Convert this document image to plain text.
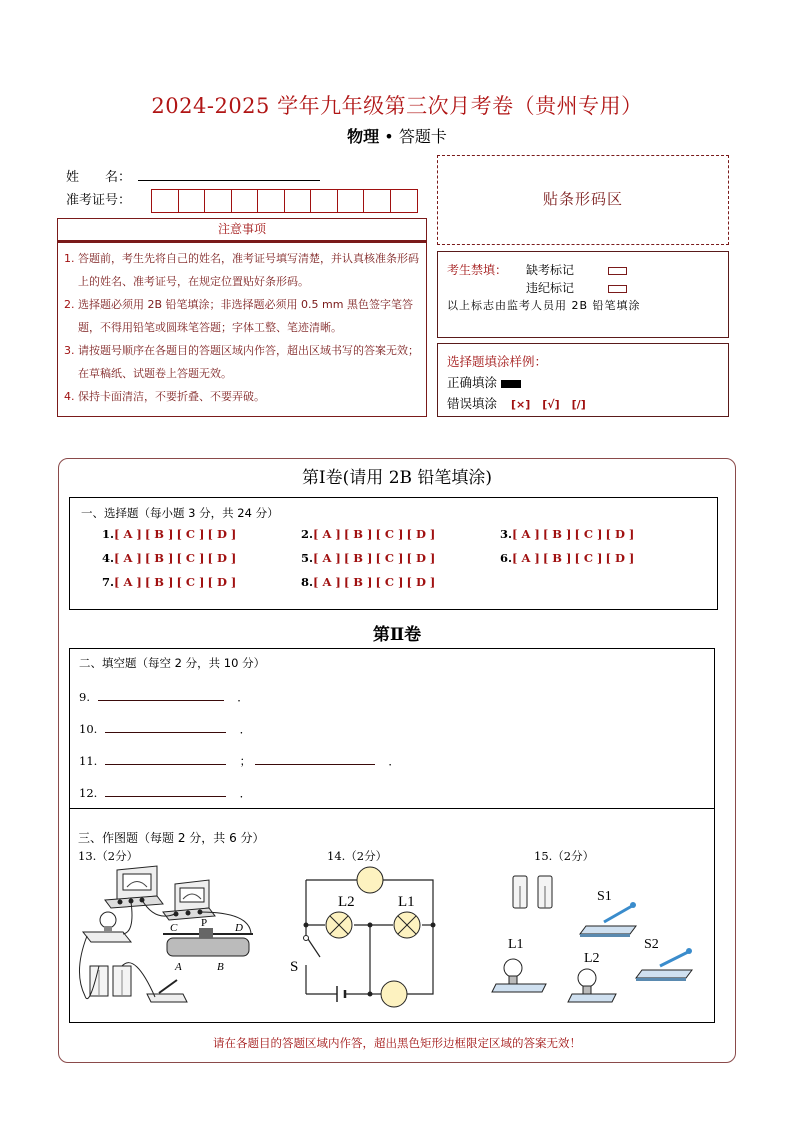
2024-2025 学年九年级第三次月考卷（贵州专用）
物理 • 答题卡
姓　　名：
准考证号：
注意事项
1. 答题前，考生先将自己的姓名，准考证号填写清楚，并认真核准条形码上的姓名、准考证号，在规定位置贴好条形码。
2. 选择题必须用 2B 铅笔填涂；非选择题必须用 0.5 mm 黑色签字笔答题，不得用铅笔或圆珠笔答题；字体工整、笔迹清晰。
3. 请按题号顺序在各题目的答题区域内作答，超出区域书写的答案无效；在草稿纸、试题卷上答题无效。
4. 保持卡面清洁，不要折叠、不要弄破。
贴条形码区
考生禁填： 缺考标记
违纪标记
以上标志由监考人员用 2B 铅笔填涂
选择题填涂样例：
正确填涂
错误填涂 [×] [√] [/]
第Ⅰ卷(请用 2B 铅笔填涂)
一、选择题（每小题 3 分，共 24 分）
1.[ A ] [ B ] [ C ] [ D ]	2.[ A ] [ B ] [ C ] [ D ]	3.[ A ] [ B ] [ C ] [ D ]
4.[ A ] [ B ] [ C ] [ D ]	5.[ A ] [ B ] [ C ] [ D ]	6.[ A ] [ B ] [ C ] [ D ]
7.[ A ] [ B ] [ C ] [ D ]	8.[ A ] [ B ] [ C ] [ D ]
第Ⅱ卷
二、填空题（每空 2 分，共 10 分）
9.	．
10.	．
11.	；	．
12.	．
三、作图题（每题 2 分，共 6 分）
13.（2分）	14.（2分）	15.（2分）
C P	D
A	B
L2	L1
S
S1
S2
L1
L2
请在各题目的答题区域内作答，超出黑色矩形边框限定区域的答案无效！
